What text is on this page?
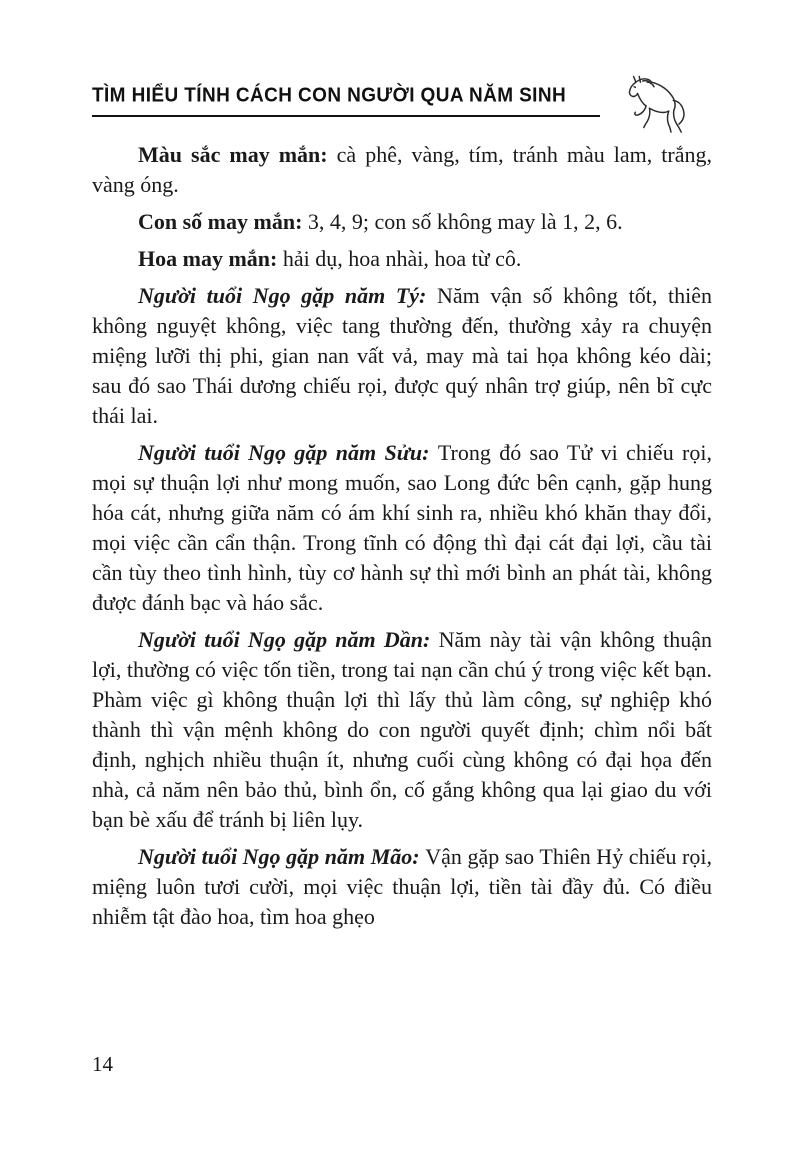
TÌM HIỂU TÍNH CÁCH CON NGƯỜI QUA NĂM SINH

Màu sắc may mắn: cà phê, vàng, tím, tránh màu lam, trắng, vàng óng.

Con số may mắn: 3, 4, 9; con số không may là 1, 2, 6.

Hoa may mắn: hải dụ, hoa nhài, hoa từ cô.

Người tuổi Ngọ gặp năm Tý: Năm vận số không tốt, thiên không nguyệt không, việc tang thường đến, thường xảy ra chuyện miệng lưỡi thị phi, gian nan vất vả, may mà tai họa không kéo dài; sau đó sao Thái dương chiếu rọi, được quý nhân trợ giúp, nên bĩ cực thái lai.

Người tuổi Ngọ gặp năm Sửu: Trong đó sao Tử vi chiếu rọi, mọi sự thuận lợi như mong muốn, sao Long đức bên cạnh, gặp hung hóa cát, nhưng giữa năm có ám khí sinh ra, nhiều khó khăn thay đổi, mọi việc cần cẩn thận. Trong tĩnh có động thì đại cát đại lợi, cầu tài cần tùy theo tình hình, tùy cơ hành sự thì mới bình an phát tài, không được đánh bạc và háo sắc.

Người tuổi Ngọ gặp năm Dần: Năm này tài vận không thuận lợi, thường có việc tốn tiền, trong tai nạn cần chú ý trong việc kết bạn. Phàm việc gì không thuận lợi thì lấy thủ làm công, sự nghiệp khó thành thì vận mệnh không do con người quyết định; chìm nổi bất định, nghịch nhiều thuận ít, nhưng cuối cùng không có đại họa đến nhà, cả năm nên bảo thủ, bình ổn, cố gắng không qua lại giao du với bạn bè xấu để tránh bị liên lụy.

Người tuổi Ngọ gặp năm Mão: Vận gặp sao Thiên Hỷ chiếu rọi, miệng luôn tươi cười, mọi việc thuận lợi, tiền tài đầy đủ. Có điều nhiễm tật đào hoa, tìm hoa ghẹo

14
